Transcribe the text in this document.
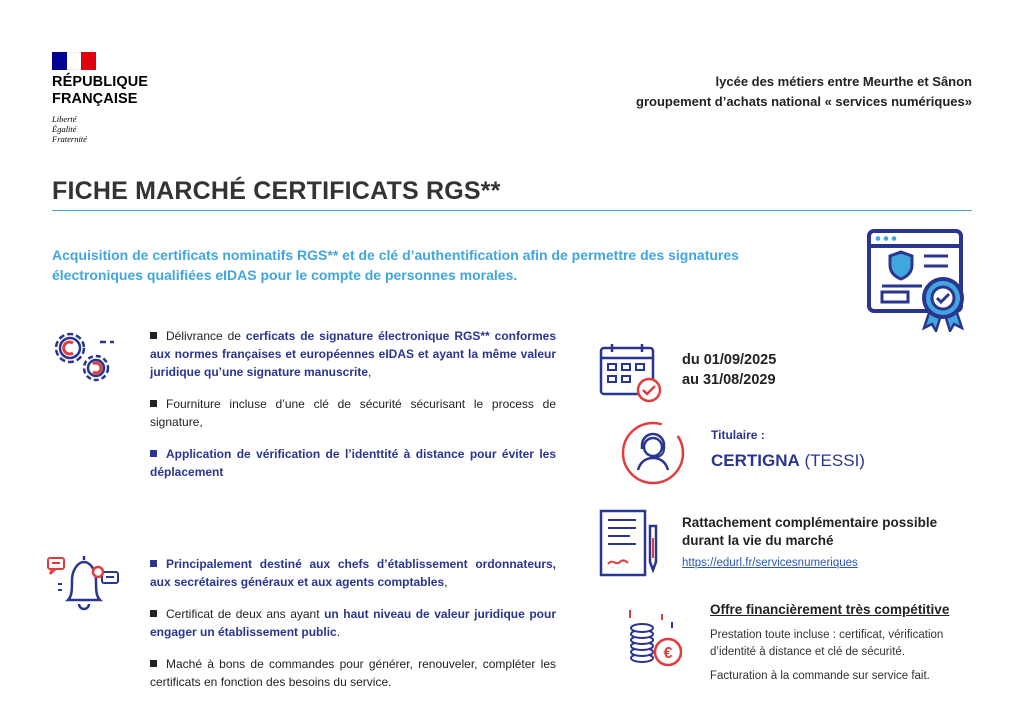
RÉPUBLIQUE
FRANÇAISE
Liberté
Égalité
Fraternité
lycée des métiers entre Meurthe et Sânon
groupement d’achats national « services numériques»
FICHE MARCHÉ CERTIFICATS RGS**
Acquisition de certificats nominatifs RGS** et de clé d’authentification afin de permettre des signatures électroniques qualifiées eIDAS pour le compte de personnes morales.
Délivrance de cerficats de signature électronique RGS** conformes aux normes françaises et européennes eIDAS et ayant la même valeur juridique qu’une signature manuscrite,
Fourniture incluse d’une clé de sécurité sécurisant le process de signature,
Application de vérification de l’identtité à distance pour éviter les déplacement
Principalement destiné aux chefs d’établissement ordonnateurs, aux secrétaires généraux et aux agents comptables,
Certificat de deux ans ayant un haut niveau de valeur juridique pour engager un établissement public.
Maché à bons de commandes pour générer, renouveler, compléter les certificats en fonction des besoins du service.
du 01/09/2025
au 31/08/2029
Titulaire :
CERTIGNA (TESSI)
Rattachement complémentaire possible
durant la vie du marché
https://edurl.fr/servicesnumeriques
€
Offre financièrement très compétitive
Prestation toute incluse : certificat, vérification d’identité à distance et clé de sécurité.
Facturation à la commande sur service fait.
